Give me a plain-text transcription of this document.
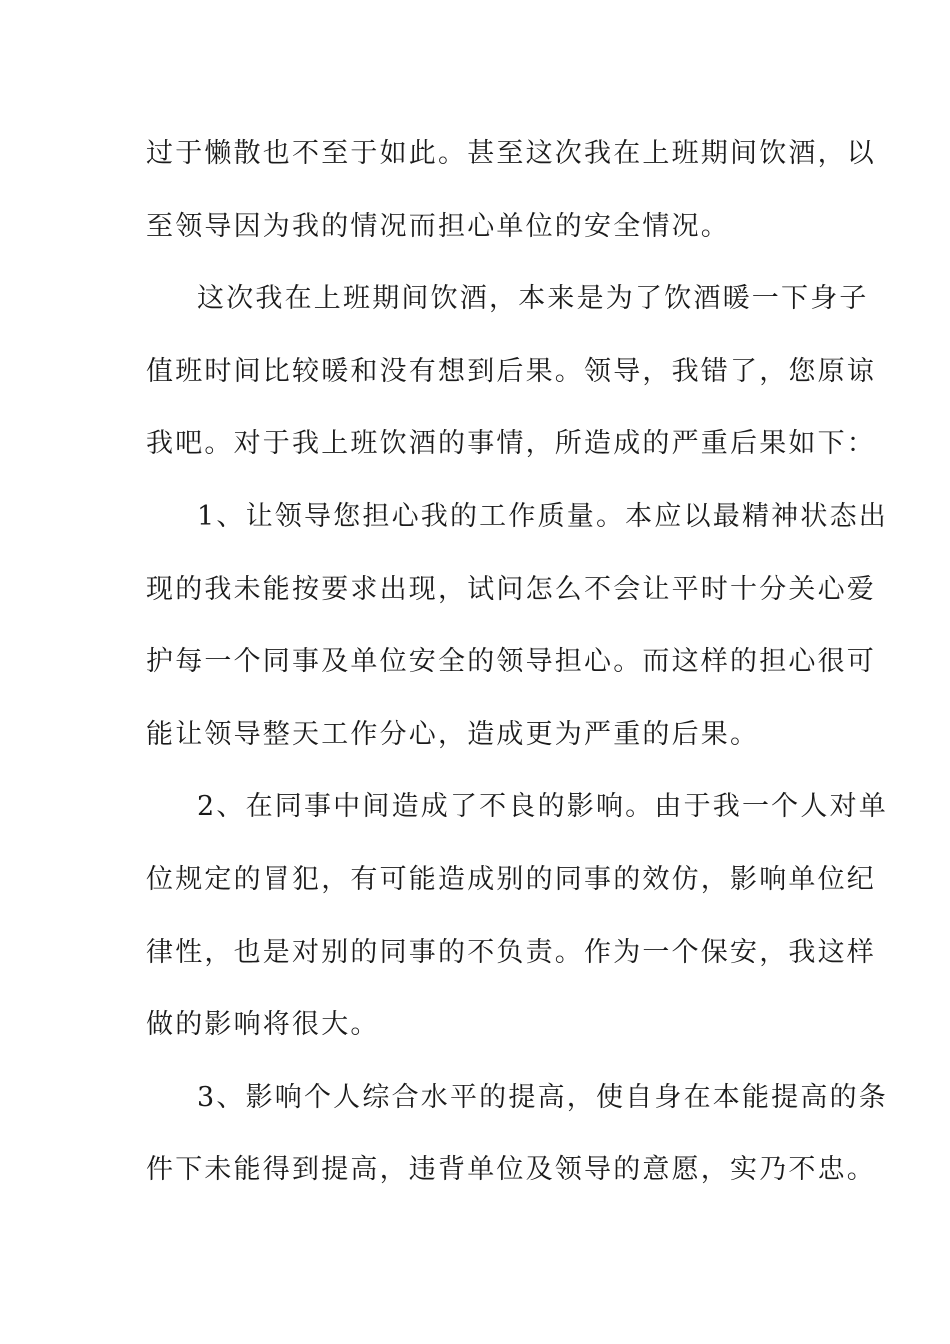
过于懒散也不至于如此。甚至这次我在上班期间饮酒，以

至领导因为我的情况而担心单位的安全情况。

这次我在上班期间饮酒，本来是为了饮酒暖一下身子

值班时间比较暖和没有想到后果。领导，我错了，您原谅

我吧。对于我上班饮酒的事情，所造成的严重后果如下：

1、让领导您担心我的工作质量。本应以最精神状态出

现的我未能按要求出现，试问怎么不会让平时十分关心爱

护每一个同事及单位安全的领导担心。而这样的担心很可

能让领导整天工作分心，造成更为严重的后果。

2、在同事中间造成了不良的影响。由于我一个人对单

位规定的冒犯，有可能造成别的同事的效仿，影响单位纪

律性，也是对别的同事的不负责。作为一个保安，我这样

做的影响将很大。

3、影响个人综合水平的提高，使自身在本能提高的条

件下未能得到提高，违背单位及领导的意愿，实乃不忠。
